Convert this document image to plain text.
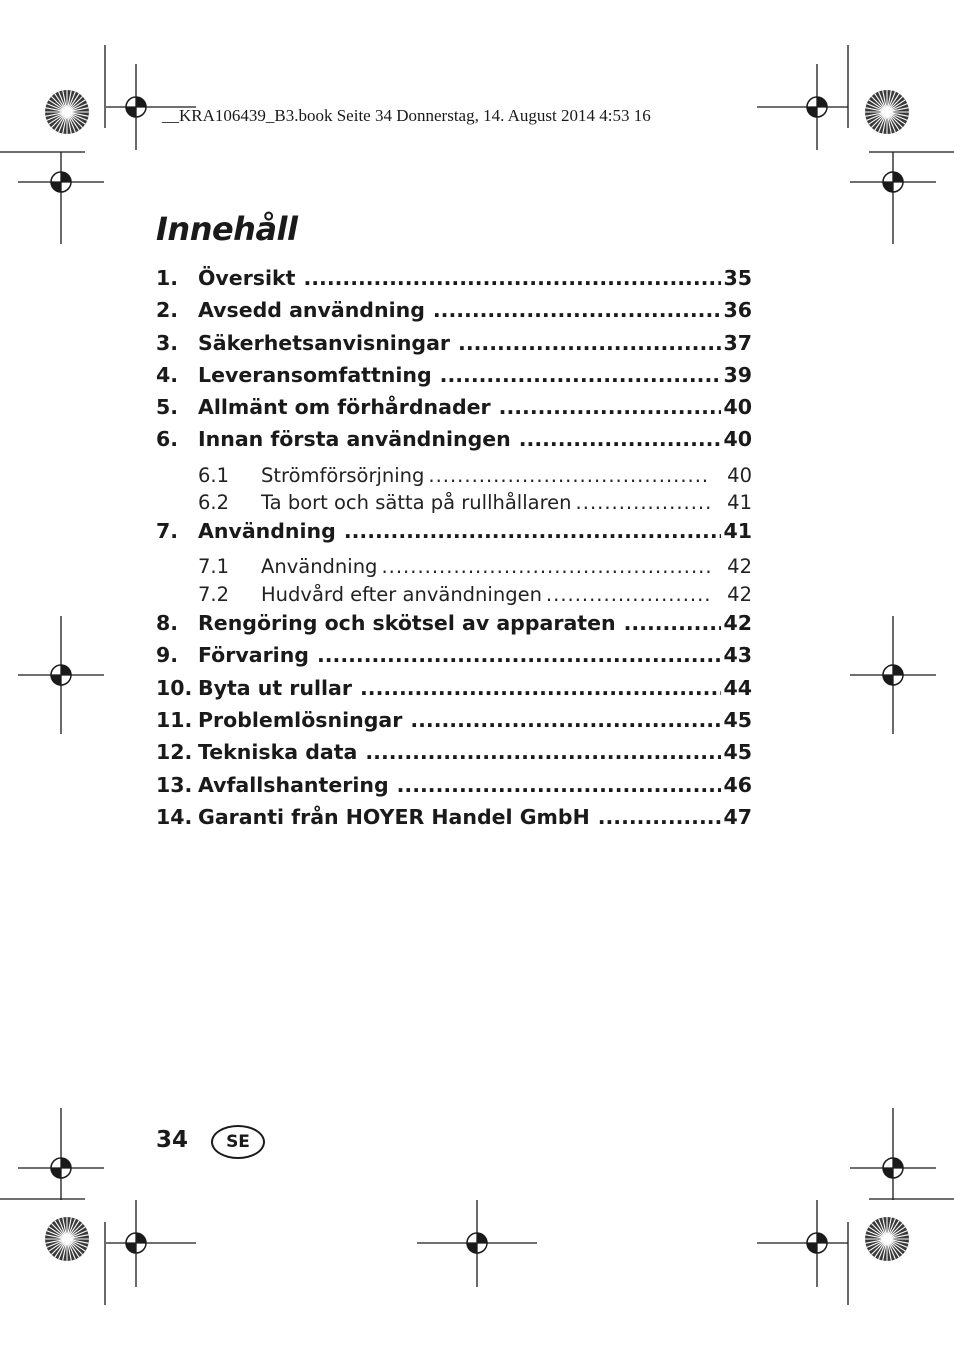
__KRA106439_B3.book Seite 34 Donnerstag, 14. August 2014 4:53 16
Innehåll
1. Översikt .....	35
2. Avsedd användning .....	36
3. Säkerhetsanvisningar .....	37
4. Leveransomfattning .....	39
5. Allmänt om förhårdnader .....	40
6. Innan första användningen .....	40
6.1	Strömförsörjning .....	40
6.2	Ta bort och sätta på rullhållaren .....	41
7. Användning .....	41
7.1	Användning .....	42
7.2	Hudvård efter användningen .....	42
8. Rengöring och skötsel av apparaten .....	42
9. Förvaring .....	43
10. Byta ut rullar .....	44
11. Problemlösningar .....	45
12. Tekniska data .....	45
13. Avfallshantering .....	46
14. Garanti från HOYER Handel GmbH .....	47
34	SE
